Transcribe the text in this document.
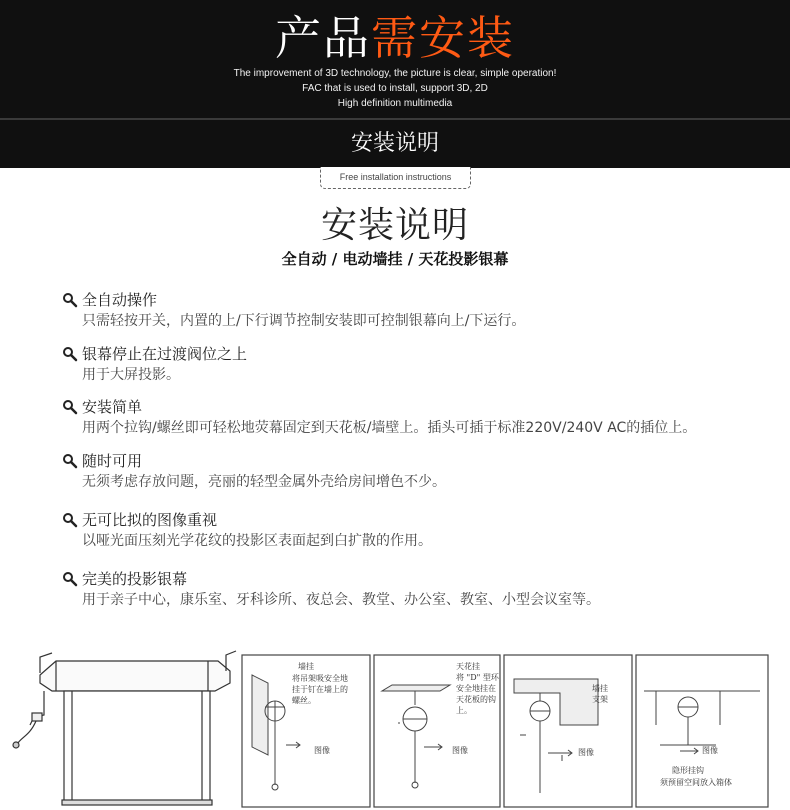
产品需安装
The improvement of 3D technology, the picture is clear, simple operation!
FAC that is used to install, support 3D, 2D
High definition multimedia
安装说明
Free installation instructions
安装说明
全自动 / 电动墙挂 / 天花投影银幕
全自动操作
只需轻按开关，内置的上/下行调节控制安装即可控制银幕向上/下运行。
银幕停止在过渡阀位之上
用于大屏投影。
安装简单
用两个拉钩/螺丝即可轻松地荧幕固定到天花板/墙壁上。插头可插于标准220V/240V AC的插位上。
随时可用
无须考虑存放问题，亮丽的轻型金属外壳给房间增色不少。
无可比拟的图像重视
以哑光面压刻光学花纹的投影区表面起到白扩散的作用。
完美的投影银幕
用于亲子中心，康乐室、牙科诊所、夜总会、教堂、办公室、教室、小型会议室等。
墙挂
将吊架吸安全地
挂于钉在墙上的
螺丝。
图像
天花挂
将 "D" 型环
安全地挂在
天花板的钩
上。
图像
墙挂
支架
图像	图像
隐形挂钩
须预留空间放入箱体
